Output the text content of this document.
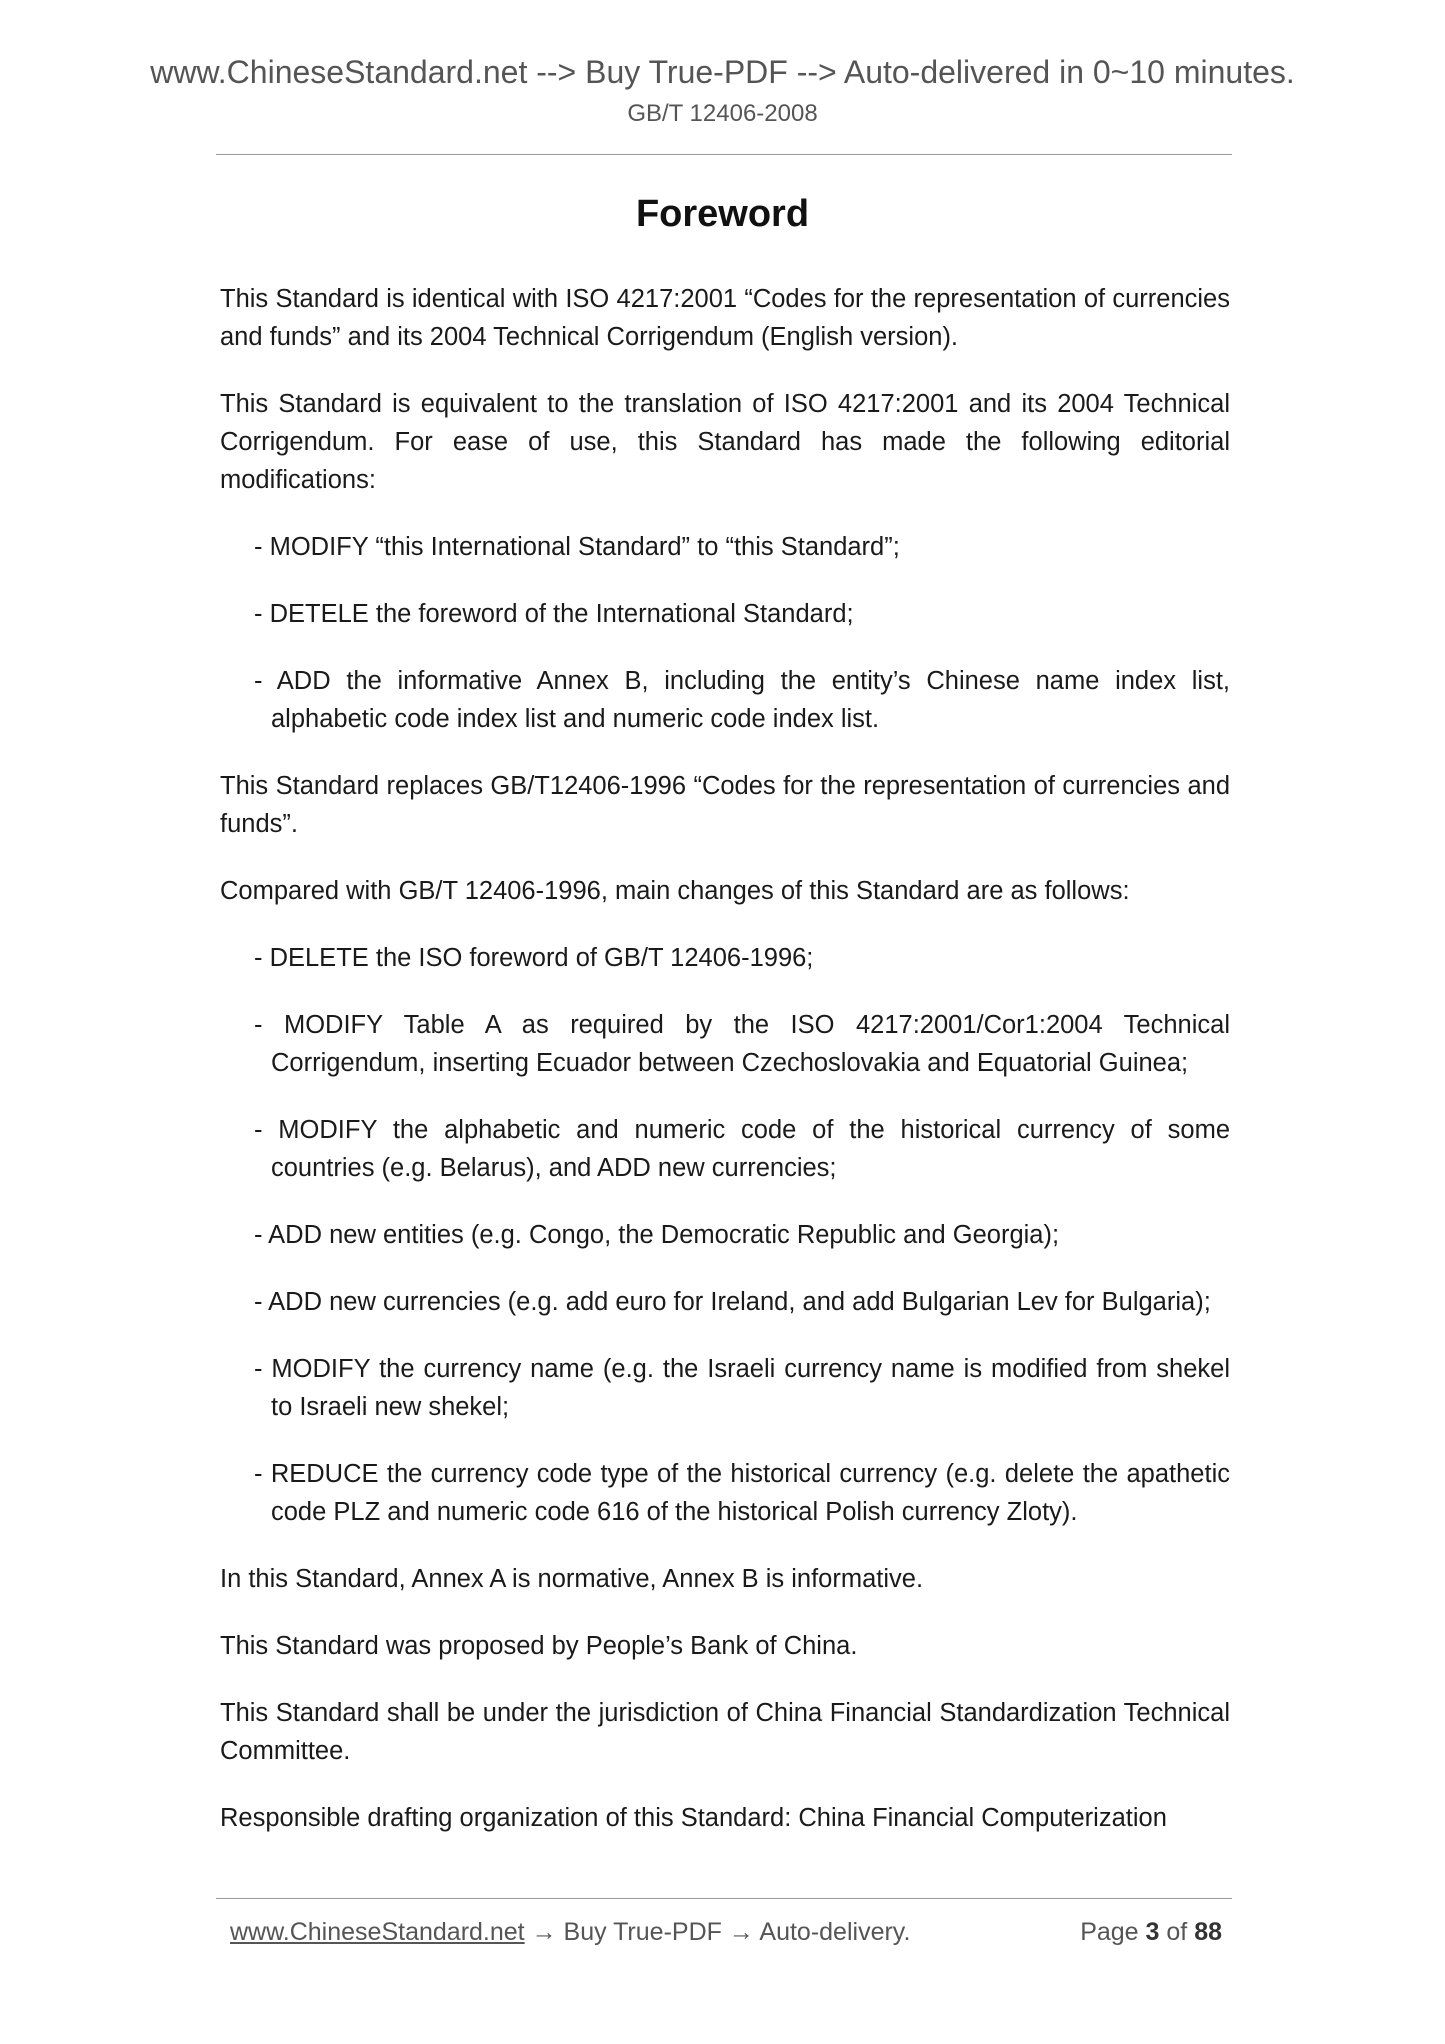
www.ChineseStandard.net --> Buy True-PDF --> Auto-delivered in 0~10 minutes.
GB/T 12406-2008
Foreword

This Standard is identical with ISO 4217:2001 “Codes for the representation of currencies and funds” and its 2004 Technical Corrigendum (English version).

This Standard is equivalent to the translation of ISO 4217:2001 and its 2004 Technical Corrigendum. For ease of use, this Standard has made the following editorial modifications:

- MODIFY “this International Standard” to “this Standard”;

- DETELE the foreword of the International Standard;

- ADD the informative Annex B, including the entity’s Chinese name index list, alphabetic code index list and numeric code index list.

This Standard replaces GB/T12406-1996 “Codes for the representation of currencies and funds”.

Compared with GB/T 12406-1996, main changes of this Standard are as follows:

- DELETE the ISO foreword of GB/T 12406-1996;

- MODIFY Table A as required by the ISO 4217:2001/Cor1:2004 Technical Corrigendum, inserting Ecuador between Czechoslovakia and Equatorial Guinea;

- MODIFY the alphabetic and numeric code of the historical currency of some countries (e.g. Belarus), and ADD new currencies;

- ADD new entities (e.g. Congo, the Democratic Republic and Georgia);

- ADD new currencies (e.g. add euro for Ireland, and add Bulgarian Lev for Bulgaria);

- MODIFY the currency name (e.g. the Israeli currency name is modified from shekel to Israeli new shekel;

- REDUCE the currency code type of the historical currency (e.g. delete the apathetic code PLZ and numeric code 616 of the historical Polish currency Zloty).

In this Standard, Annex A is normative, Annex B is informative.

This Standard was proposed by People’s Bank of China.

This Standard shall be under the jurisdiction of China Financial Standardization Technical Committee.

Responsible drafting organization of this Standard: China Financial Computerization

www.ChineseStandard.net → Buy True-PDF → Auto-delivery.	Page 3 of 88
